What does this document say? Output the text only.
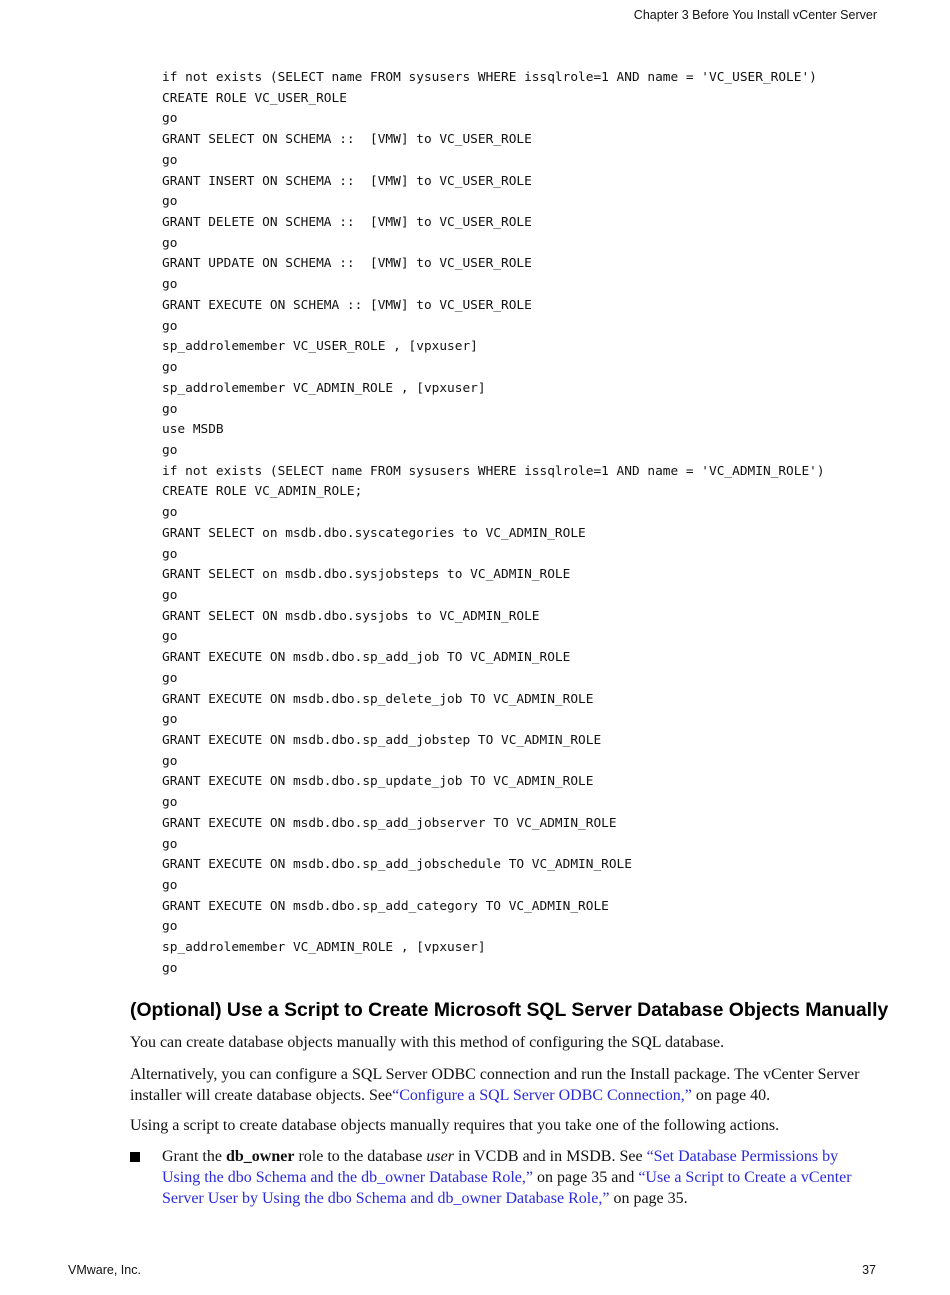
Chapter 3 Before You Install vCenter Server
if not exists (SELECT name FROM sysusers WHERE issqlrole=1 AND name = 'VC_USER_ROLE')
CREATE ROLE VC_USER_ROLE
go
GRANT SELECT ON SCHEMA ::  [VMW] to VC_USER_ROLE
go
GRANT INSERT ON SCHEMA ::  [VMW] to VC_USER_ROLE
go
GRANT DELETE ON SCHEMA ::  [VMW] to VC_USER_ROLE
go
GRANT UPDATE ON SCHEMA ::  [VMW] to VC_USER_ROLE
go
GRANT EXECUTE ON SCHEMA :: [VMW] to VC_USER_ROLE
go
sp_addrolemember VC_USER_ROLE , [vpxuser]
go
sp_addrolemember VC_ADMIN_ROLE , [vpxuser]
go
use MSDB
go
if not exists (SELECT name FROM sysusers WHERE issqlrole=1 AND name = 'VC_ADMIN_ROLE')
CREATE ROLE VC_ADMIN_ROLE;
go
GRANT SELECT on msdb.dbo.syscategories to VC_ADMIN_ROLE
go
GRANT SELECT on msdb.dbo.sysjobsteps to VC_ADMIN_ROLE
go
GRANT SELECT ON msdb.dbo.sysjobs to VC_ADMIN_ROLE
go
GRANT EXECUTE ON msdb.dbo.sp_add_job TO VC_ADMIN_ROLE
go
GRANT EXECUTE ON msdb.dbo.sp_delete_job TO VC_ADMIN_ROLE
go
GRANT EXECUTE ON msdb.dbo.sp_add_jobstep TO VC_ADMIN_ROLE
go
GRANT EXECUTE ON msdb.dbo.sp_update_job TO VC_ADMIN_ROLE
go
GRANT EXECUTE ON msdb.dbo.sp_add_jobserver TO VC_ADMIN_ROLE
go
GRANT EXECUTE ON msdb.dbo.sp_add_jobschedule TO VC_ADMIN_ROLE
go
GRANT EXECUTE ON msdb.dbo.sp_add_category TO VC_ADMIN_ROLE
go
sp_addrolemember VC_ADMIN_ROLE , [vpxuser]
go
(Optional) Use a Script to Create Microsoft SQL Server Database Objects Manually

You can create database objects manually with this method of configuring the SQL database.

Alternatively, you can configure a SQL Server ODBC connection and run the Install package. The vCenter Server installer will create database objects. See“Configure a SQL Server ODBC Connection,” on page 40.

Using a script to create database objects manually requires that you take one of the following actions.

Grant the db_owner role to the database user in VCDB and in MSDB. See “Set Database Permissions by Using the dbo Schema and the db_owner Database Role,” on page 35 and “Use a Script to Create a vCenter Server User by Using the dbo Schema and db_owner Database Role,” on page 35.

VMware, Inc.	37
